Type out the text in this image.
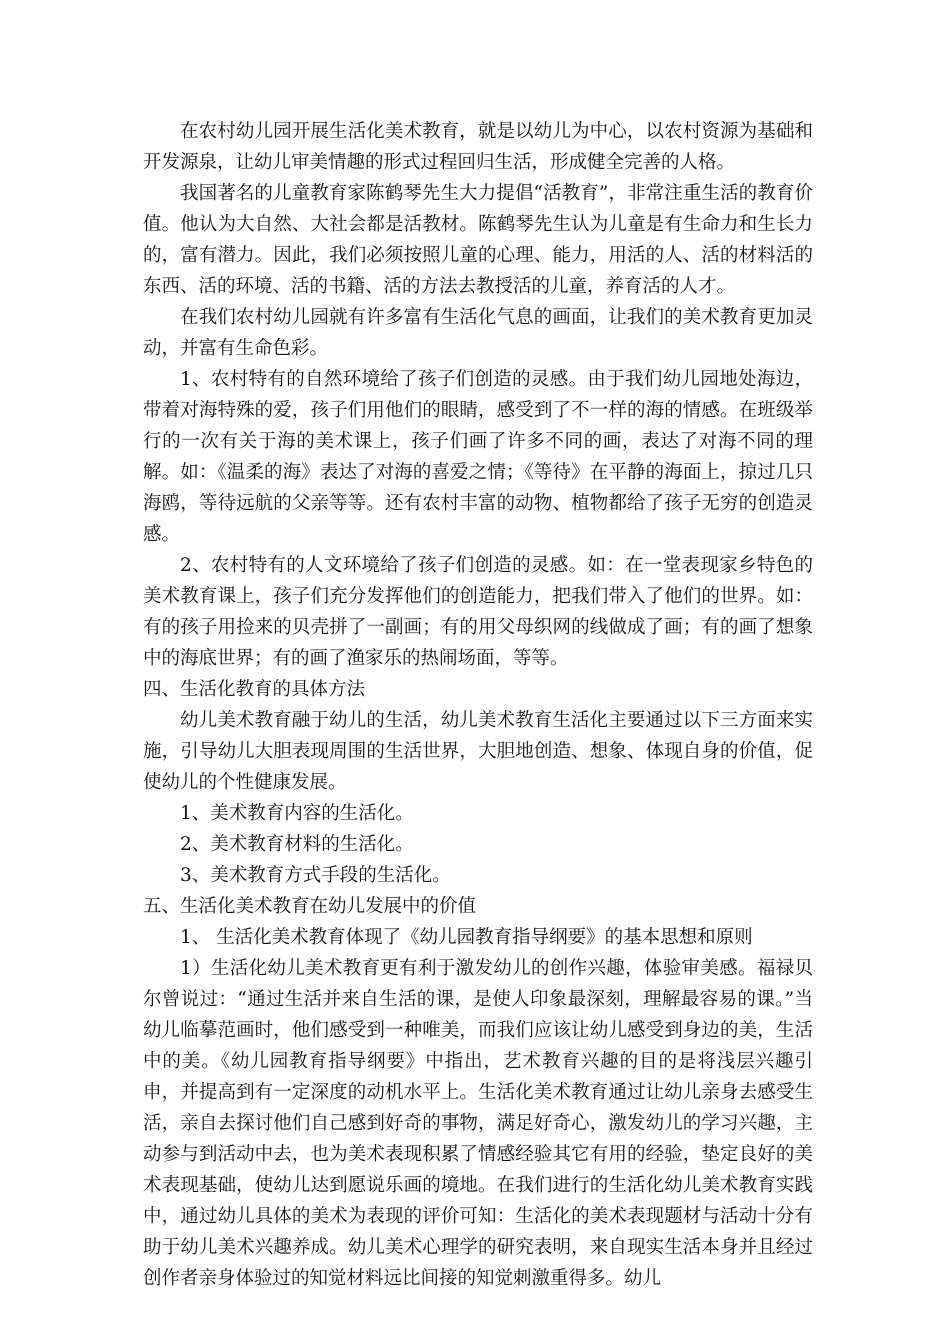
在农村幼儿园开展生活化美术教育，就是以幼儿为中心，以农村资源为基础和开发源泉，让幼儿审美情趣的形式过程回归生活，形成健全完善的人格。

我国著名的儿童教育家陈鹤琴先生大力提倡“活教育”，非常注重生活的教育价值。他认为大自然、大社会都是活教材。陈鹤琴先生认为儿童是有生命力和生长力的，富有潜力。因此，我们必须按照儿童的心理、能力，用活的人、活的材料活的东西、活的环境、活的书籍、活的方法去教授活的儿童，养育活的人才。

在我们农村幼儿园就有许多富有生活化气息的画面，让我们的美术教育更加灵动，并富有生命色彩。

1、农村特有的自然环境给了孩子们创造的灵感。由于我们幼儿园地处海边，带着对海特殊的爱，孩子们用他们的眼睛，感受到了不一样的海的情感。在班级举行的一次有关于海的美术课上，孩子们画了许多不同的画，表达了对海不同的理解。如：《温柔的海》表达了对海的喜爱之情；《等待》在平静的海面上，掠过几只海鸥，等待远航的父亲等等。还有农村丰富的动物、植物都给了孩子无穷的创造灵感。

2、农村特有的人文环境给了孩子们创造的灵感。如：在一堂表现家乡特色的美术教育课上，孩子们充分发挥他们的创造能力，把我们带入了他们的世界。如：有的孩子用捡来的贝壳拼了一副画；有的用父母织网的线做成了画；有的画了想象中的海底世界；有的画了渔家乐的热闹场面，等等。

四、生活化教育的具体方法

幼儿美术教育融于幼儿的生活，幼儿美术教育生活化主要通过以下三方面来实施，引导幼儿大胆表现周围的生活世界，大胆地创造、想象、体现自身的价值，促使幼儿的个性健康发展。

1、美术教育内容的生活化。

2、美术教育材料的生活化。

3、美术教育方式手段的生活化。

五、生活化美术教育在幼儿发展中的价值

1、 生活化美术教育体现了《幼儿园教育指导纲要》的基本思想和原则

1）生活化幼儿美术教育更有利于激发幼儿的创作兴趣，体验审美感。福禄贝尔曾说过：“通过生活并来自生活的课，是使人印象最深刻，理解最容易的课。”当幼儿临摹范画时，他们感受到一种唯美，而我们应该让幼儿感受到身边的美，生活中的美。《幼儿园教育指导纲要》中指出，艺术教育兴趣的目的是将浅层兴趣引申，并提高到有一定深度的动机水平上。生活化美术教育通过让幼儿亲身去感受生活，亲自去探讨他们自己感到好奇的事物，满足好奇心，激发幼儿的学习兴趣，主动参与到活动中去，也为美术表现积累了情感经验其它有用的经验，垫定良好的美术表现基础，使幼儿达到愿说乐画的境地。在我们进行的生活化幼儿美术教育实践中，通过幼儿具体的美术为表现的评价可知：生活化的美术表现题材与活动十分有助于幼儿美术兴趣养成。幼儿美术心理学的研究表明，来自现实生活本身并且经过创作者亲身体验过的知觉材料远比间接的知觉刺激重得多。幼儿
